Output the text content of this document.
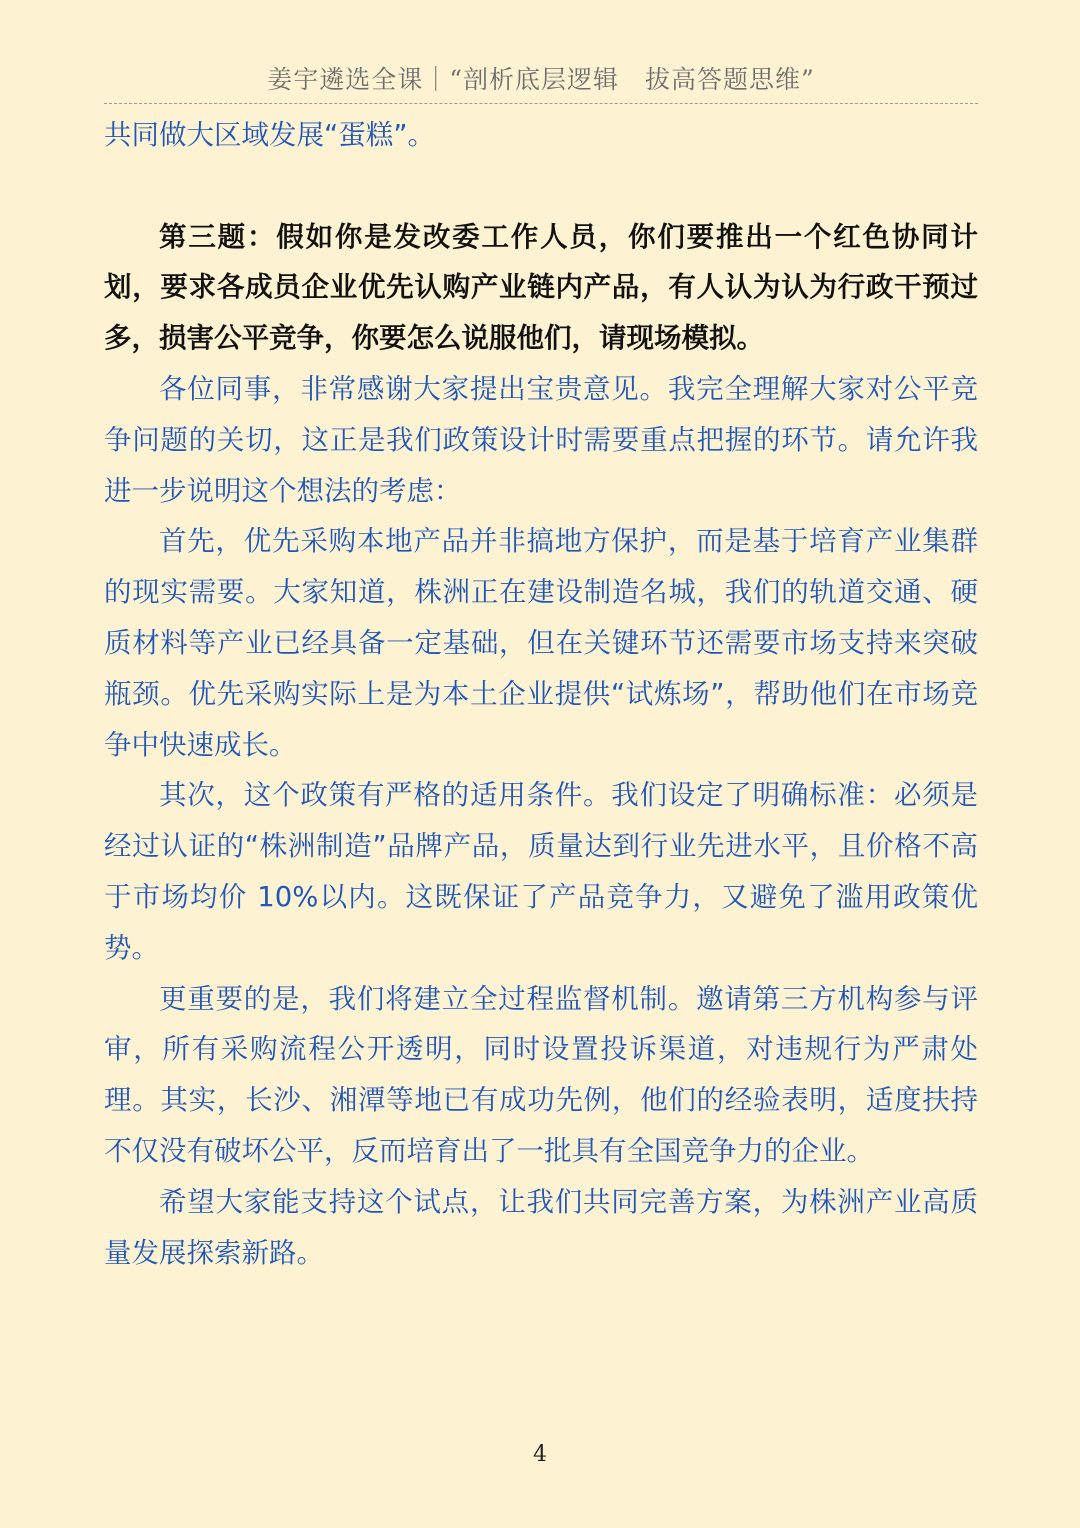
姜宇遴选全课｜“剖析底层逻辑　拔高答题思维”

共同做大区域发展“蛋糕”。

第三题：假如你是发改委工作人员，你们要推出一个红色协同计划，要求各成员企业优先认购产业链内产品，有人认为认为行政干预过多，损害公平竞争，你要怎么说服他们，请现场模拟。

各位同事，非常感谢大家提出宝贵意见。我完全理解大家对公平竞争问题的关切，这正是我们政策设计时需要重点把握的环节。请允许我进一步说明这个想法的考虑：

首先，优先采购本地产品并非搞地方保护，而是基于培育产业集群的现实需要。大家知道，株洲正在建设制造名城，我们的轨道交通、硬质材料等产业已经具备一定基础，但在关键环节还需要市场支持来突破瓶颈。优先采购实际上是为本土企业提供“试炼场”，帮助他们在市场竞争中快速成长。

其次，这个政策有严格的适用条件。我们设定了明确标准：必须是经过认证的“株洲制造”品牌产品，质量达到行业先进水平，且价格不高于市场均价 10%以内。这既保证了产品竞争力，又避免了滥用政策优势。

更重要的是，我们将建立全过程监督机制。邀请第三方机构参与评审，所有采购流程公开透明，同时设置投诉渠道，对违规行为严肃处理。其实，长沙、湘潭等地已有成功先例，他们的经验表明，适度扶持不仅没有破坏公平，反而培育出了一批具有全国竞争力的企业。

希望大家能支持这个试点，让我们共同完善方案，为株洲产业高质量发展探索新路。

4
